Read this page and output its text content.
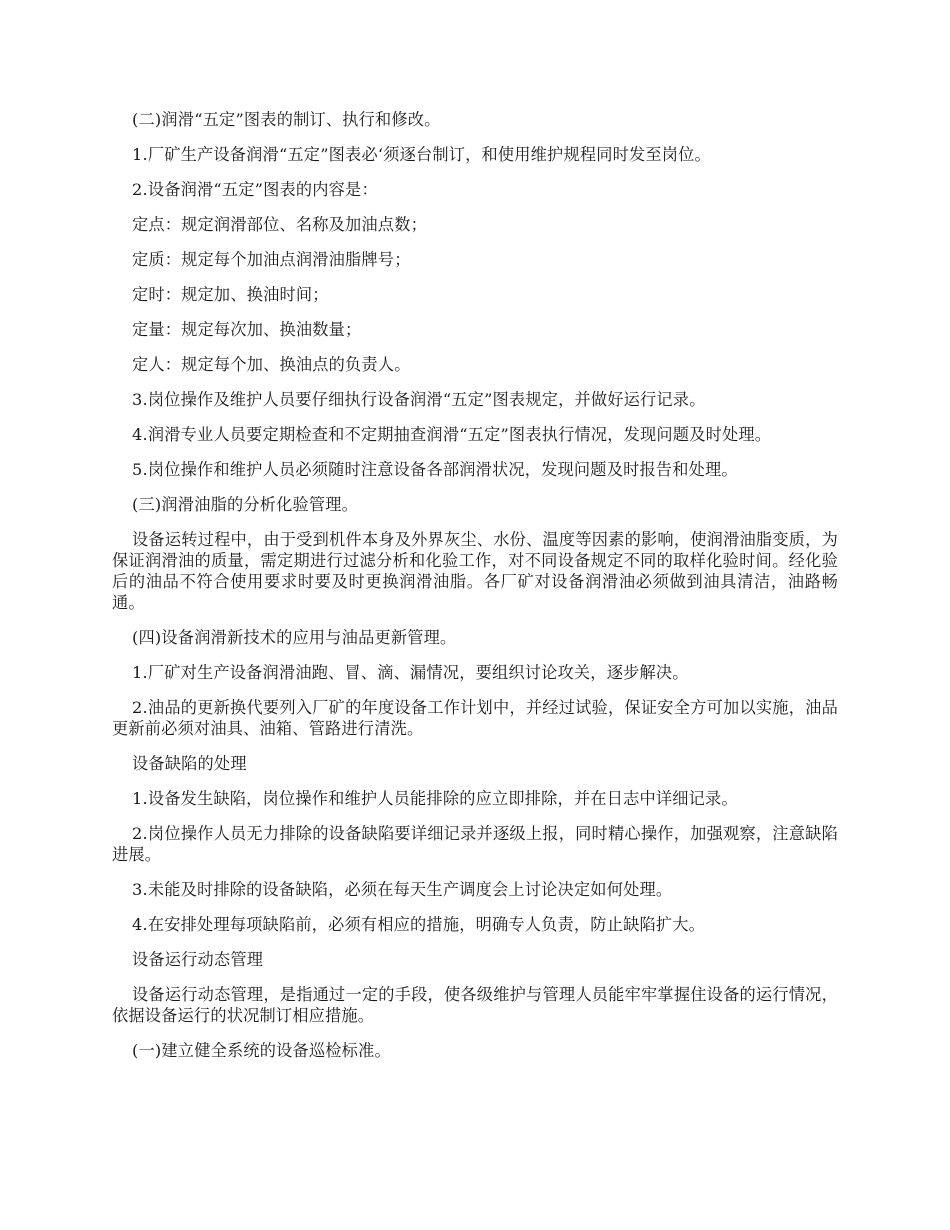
(二)润滑“五定”图表的制订、执行和修改。

1.厂矿生产设备润滑“五定”图表必‘须逐台制订，和使用维护规程同时发至岗位。

2.设备润滑“五定”图表的内容是：

定点：规定润滑部位、名称及加油点数；

定质：规定每个加油点润滑油脂牌号；

定时：规定加、换油时间；

定量：规定每次加、换油数量；

定人：规定每个加、换油点的负责人。

3.岗位操作及维护人员要仔细执行设备润滑“五定”图表规定，并做好运行记录。

4.润滑专业人员要定期检查和不定期抽查润滑“五定”图表执行情况，发现问题及时处理。

5.岗位操作和维护人员必须随时注意设备各部润滑状况，发现问题及时报告和处理。

(三)润滑油脂的分析化验管理。

设备运转过程中，由于受到机件本身及外界灰尘、水份、温度等因素的影响，使润滑油脂变质，为保证润滑油的质量，需定期进行过滤分析和化验工作，对不同设备规定不同的取样化验时间。经化验后的油品不符合使用要求时要及时更换润滑油脂。各厂矿对设备润滑油必须做到油具清洁，油路畅通。

(四)设备润滑新技术的应用与油品更新管理。

1.厂矿对生产设备润滑油跑、冒、滴、漏情况，要组织讨论攻关，逐步解决。

2.油品的更新换代要列入厂矿的年度设备工作计划中，并经过试验，保证安全方可加以实施，油品更新前必须对油具、油箱、管路进行清洗。

设备缺陷的处理

1.设备发生缺陷，岗位操作和维护人员能排除的应立即排除，并在日志中详细记录。

2.岗位操作人员无力排除的设备缺陷要详细记录并逐级上报，同时精心操作，加强观察，注意缺陷进展。

3.未能及时排除的设备缺陷，必须在每天生产调度会上讨论决定如何处理。

4.在安排处理每项缺陷前，必须有相应的措施，明确专人负责，防止缺陷扩大。

设备运行动态管理

设备运行动态管理，是指通过一定的手段，使各级维护与管理人员能牢牢掌握住设备的运行情况，依据设备运行的状况制订相应措施。

(一)建立健全系统的设备巡检标准。
